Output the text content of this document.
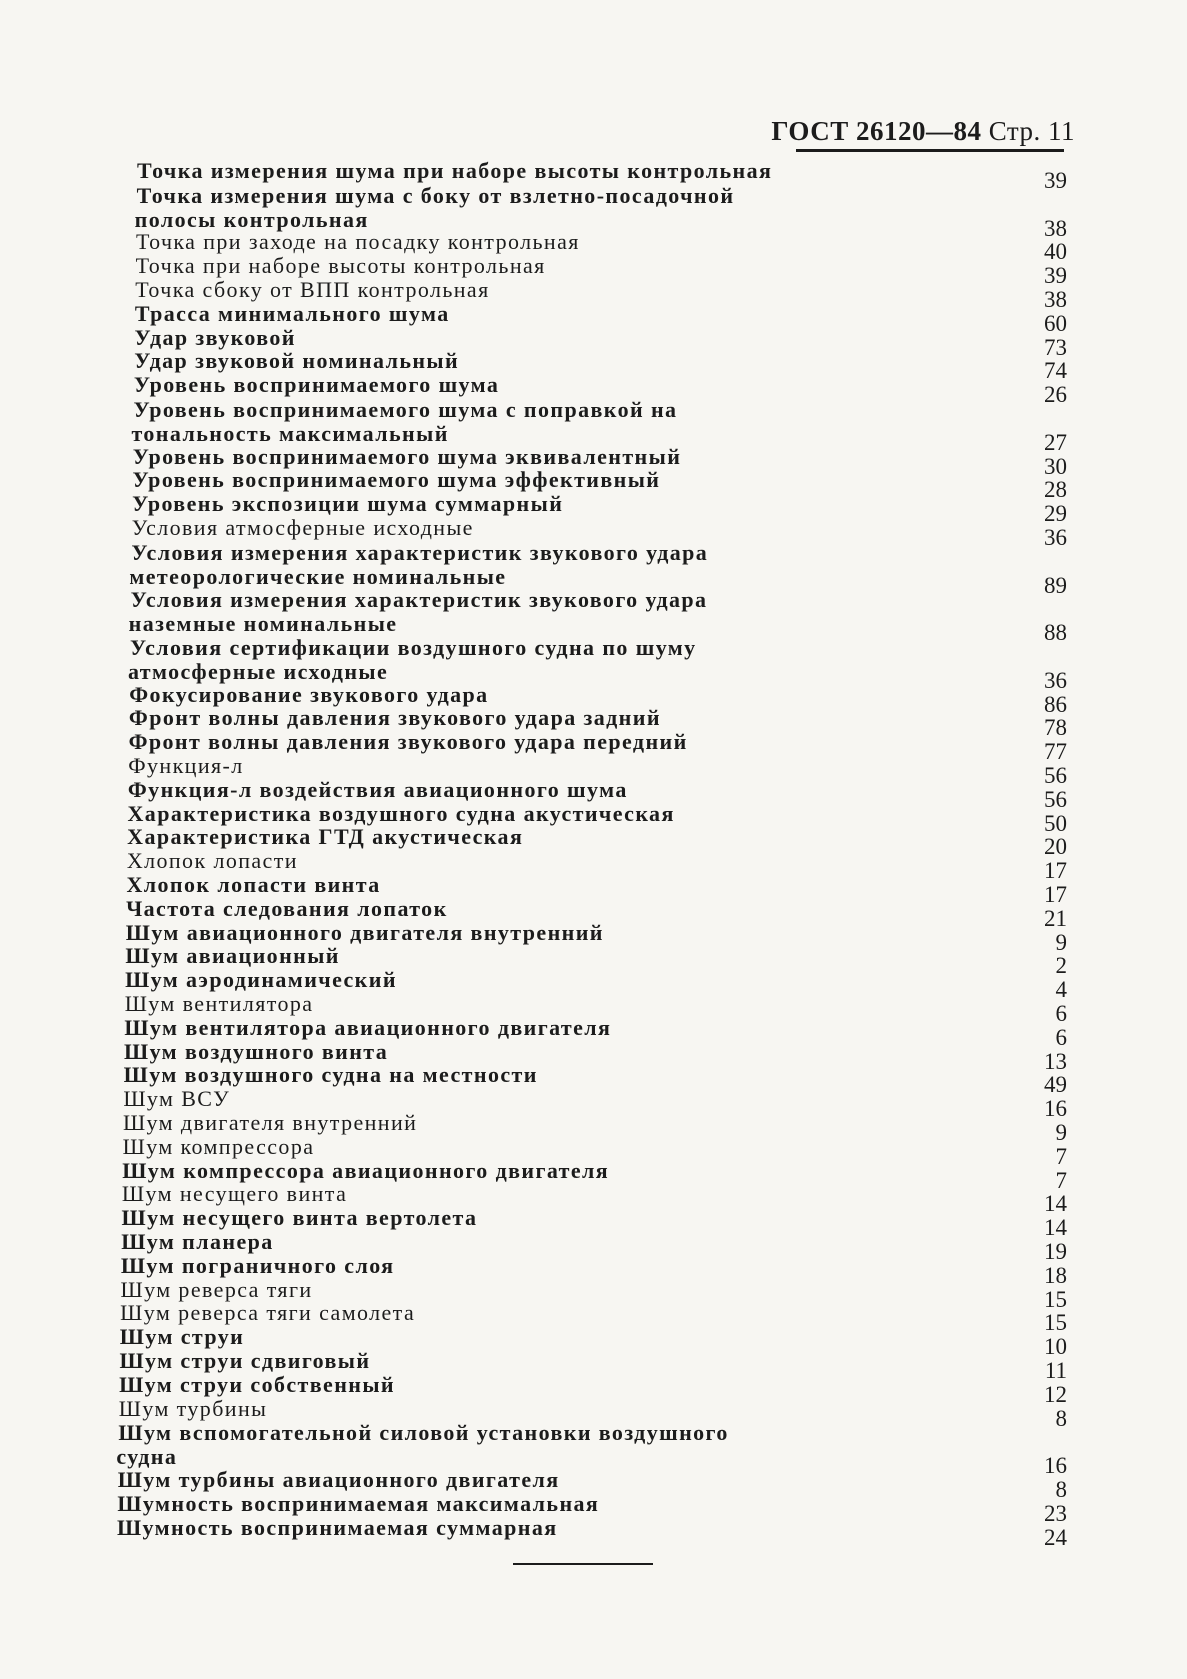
ГОСТ 26120—84 Стр. 11
Точка измерения шума при наборе высоты контрольная	39
Точка измерения шума с боку от взлетно-посадочной
полосы контрольная	38
Точка при заходе на посадку контрольная	40
Точка при наборе высоты контрольная	39
Точка сбоку от ВПП контрольная	38
Трасса минимального шума	60
Удар звуковой	73
Удар звуковой номинальный	74
Уровень воспринимаемого шума	26
Уровень воспринимаемого шума с поправкой на
тональность максимальный	27
Уровень воспринимаемого шума эквивалентный	30
Уровень воспринимаемого шума эффективный	28
Уровень экспозиции шума суммарный	29
Условия атмосферные исходные	36
Условия измерения характеристик звукового удара
метеорологические номинальные	89
Условия измерения характеристик звукового удара
наземные номинальные	88
Условия сертификации воздушного судна по шуму
атмосферные исходные	36
Фокусирование звукового удара	86
Фронт волны давления звукового удара задний	78
Фронт волны давления звукового удара передний	77
Функция-л	56
Функция-л воздействия авиационного шума	56
Характеристика воздушного судна акустическая	50
Характеристика ГТД акустическая	20
Хлопок лопасти	17
Хлопок лопасти винта	17
Частота следования лопаток	21
Шум авиационного двигателя внутренний	9
Шум авиационный	2
Шум аэродинамический	4
Шум вентилятора	6
Шум вентилятора авиационного двигателя	6
Шум воздушного винта	13
Шум воздушного судна на местности	49
Шум ВСУ	16
Шум двигателя внутренний	9
Шум компрессора	7
Шум компрессора авиационного двигателя	7
Шум несущего винта	14
Шум несущего винта вертолета	14
Шум планера	19
Шум пограничного слоя	18
Шум реверса тяги	15
Шум реверса тяги самолета	15
Шум струи	10
Шум струи сдвиговый	11
Шум струи собственный	12
Шум турбины	8
Шум вспомогательной силовой установки воздушного
судна	16
Шум турбины авиационного двигателя	8
Шумность воспринимаемая максимальная	23
Шумность воспринимаемая суммарная	24
